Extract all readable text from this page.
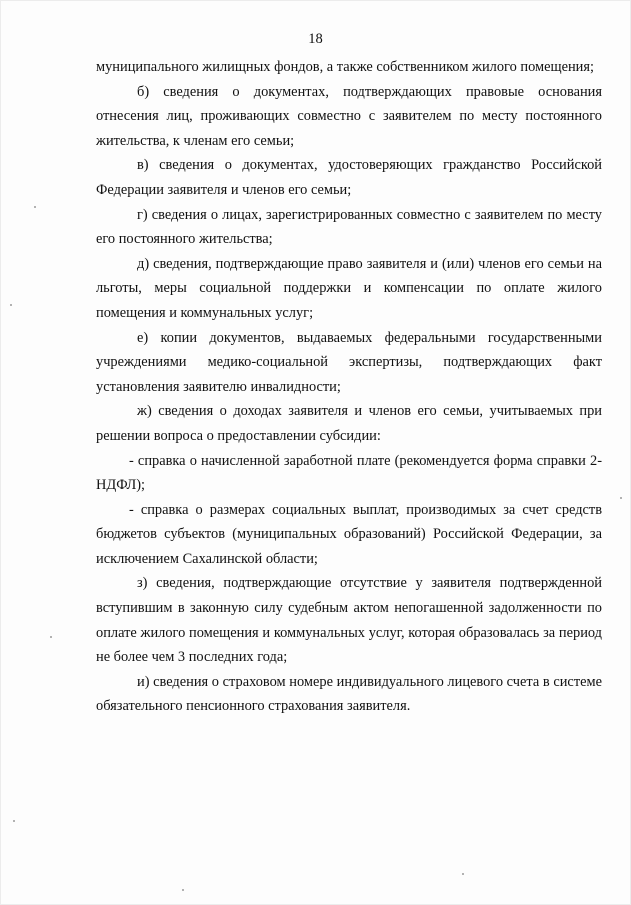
18

муниципального жилищных фондов, а также собственником жилого помещения;

б) сведения о документах, подтверждающих правовые основания отнесения лиц, проживающих совместно с заявителем по месту постоянного жительства, к членам его семьи;

в) сведения о документах, удостоверяющих гражданство Российской Федерации заявителя и членов его семьи;

г) сведения о лицах, зарегистрированных совместно с заявителем по месту его постоянного жительства;

д) сведения, подтверждающие право заявителя и (или) членов его семьи на льготы, меры социальной поддержки и компенсации по оплате жилого помещения и коммунальных услуг;

е) копии документов, выдаваемых федеральными государственными учреждениями медико-социальной экспертизы, подтверждающих факт установления заявителю инвалидности;

ж) сведения о доходах заявителя и членов его семьи, учитываемых при решении вопроса о предоставлении субсидии:

- справка о начисленной заработной плате (рекомендуется форма справки 2-НДФЛ);

- справка о размерах социальных выплат, производимых за счет средств бюджетов субъектов (муниципальных образований) Российской Федерации, за исключением Сахалинской области;

з) сведения, подтверждающие отсутствие у заявителя подтвержденной вступившим в законную силу судебным актом непогашенной задолженности по оплате жилого помещения и коммунальных услуг, которая образовалась за период не более чем 3 последних года;

и) сведения о страховом номере индивидуального лицевого счета в системе обязательного пенсионного страхования заявителя.
